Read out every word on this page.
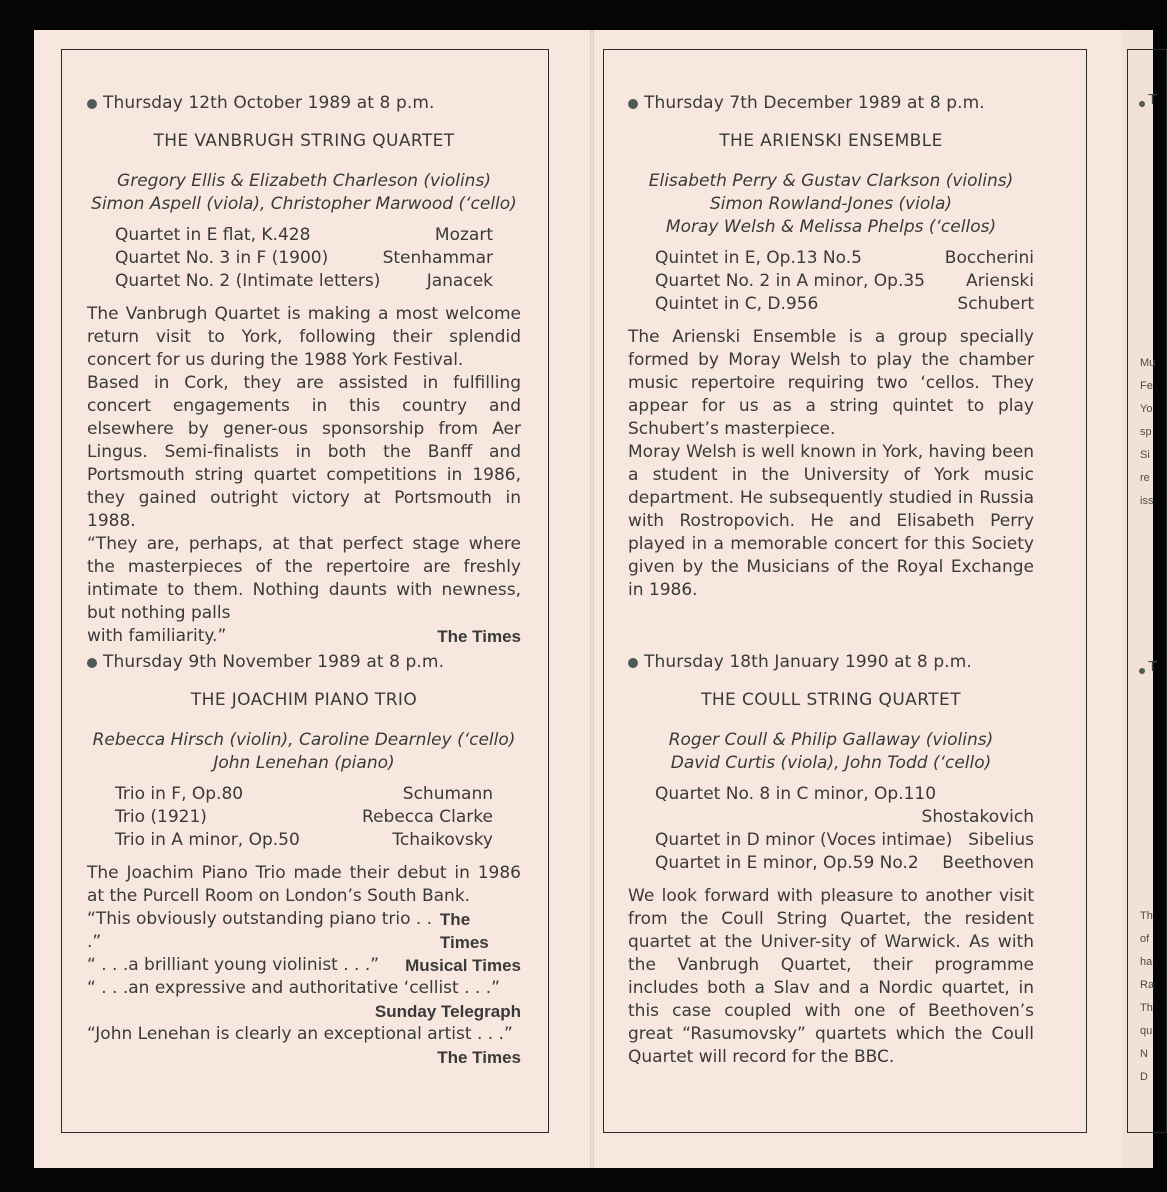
Thursday 12th October 1989 at 8 p.m.
THE VANBRUGH STRING QUARTET
Gregory Ellis & Elizabeth Charleson (violins)
Simon Aspell (viola), Christopher Marwood (‘cello)
Quartet in E flat, K.428	Mozart
Quartet No. 3 in F (1900)	Stenhammar
Quartet No. 2 (Intimate letters)	Janacek

The Vanbrugh Quartet is making a most welcome return visit to York, following their splendid concert for us during the 1988 York Festival.

Based in Cork, they are assisted in fulfilling concert engagements in this country and elsewhere by gener-ous sponsorship from Aer Lingus. Semi-finalists in both the Banff and Portsmouth string quartet competitions in 1986, they gained outright victory at Portsmouth in 1988.

“They are, perhaps, at that perfect stage where the masterpieces of the repertoire are freshly intimate to them. Nothing daunts with newness, but nothing palls

with familiarity.”	The Times
Thursday 9th November 1989 at 8 p.m.
THE JOACHIM PIANO TRIO
Rebecca Hirsch (violin), Caroline Dearnley (‘cello)
John Lenehan (piano)
Trio in F, Op.80	Schumann
Trio (1921)	Rebecca Clarke
Trio in A minor, Op.50	Tchaikovsky

The Joachim Piano Trio made their debut in 1986 at the Purcell Room on London’s South Bank.

“This obviously outstanding piano trio . . .”
The Times
“ . . .a brilliant young violinist . . .” Musical Times
“ . . .an expressive and authoritative ‘cellist . . .”
Sunday Telegraph
“John Lenehan is clearly an exceptional artist . . .”
The Times
Thursday 7th December 1989 at 8 p.m.
THE ARIENSKI ENSEMBLE
Elisabeth Perry & Gustav Clarkson (violins)
Simon Rowland-Jones (viola)
Moray Welsh & Melissa Phelps (‘cellos)
Quintet in E, Op.13 No.5	Boccherini
Quartet No. 2 in A minor, Op.35 Arienski
Quintet in C, D.956	Schubert

The Arienski Ensemble is a group specially formed by Moray Welsh to play the chamber music repertoire requiring two ‘cellos. They appear for us as a string quintet to play Schubert’s masterpiece.

Moray Welsh is well known in York, having been a student in the University of York music department. He subsequently studied in Russia with Rostropovich. He and Elisabeth Perry played in a memorable concert for this Society given by the Musicians of the Royal Exchange in 1986.

Thursday 18th January 1990 at 8 p.m.
THE COULL STRING QUARTET
Roger Coull & Philip Gallaway (violins)
David Curtis (viola), John Todd (‘cello)
Quartet No. 8 in C minor, Op.110
Shostakovich
Quartet in D minor (Voces intimae) Sibelius
Quartet in E minor, Op.59 No.2 Beethoven

We look forward with pleasure to another visit from the Coull String Quartet, the resident quartet at the Univer-sity of Warwick. As with the Vanbrugh Quartet, their programme includes both a Slav and a Nordic quartet, in this case coupled with one of Beethoven’s great “Rasumovsky” quartets which the Coull Quartet will record for the BBC.

T
Mu
Fe
Yo
sp
Si
re
iss
T
Th
of
ha
Ra
Th
qu
N
D
